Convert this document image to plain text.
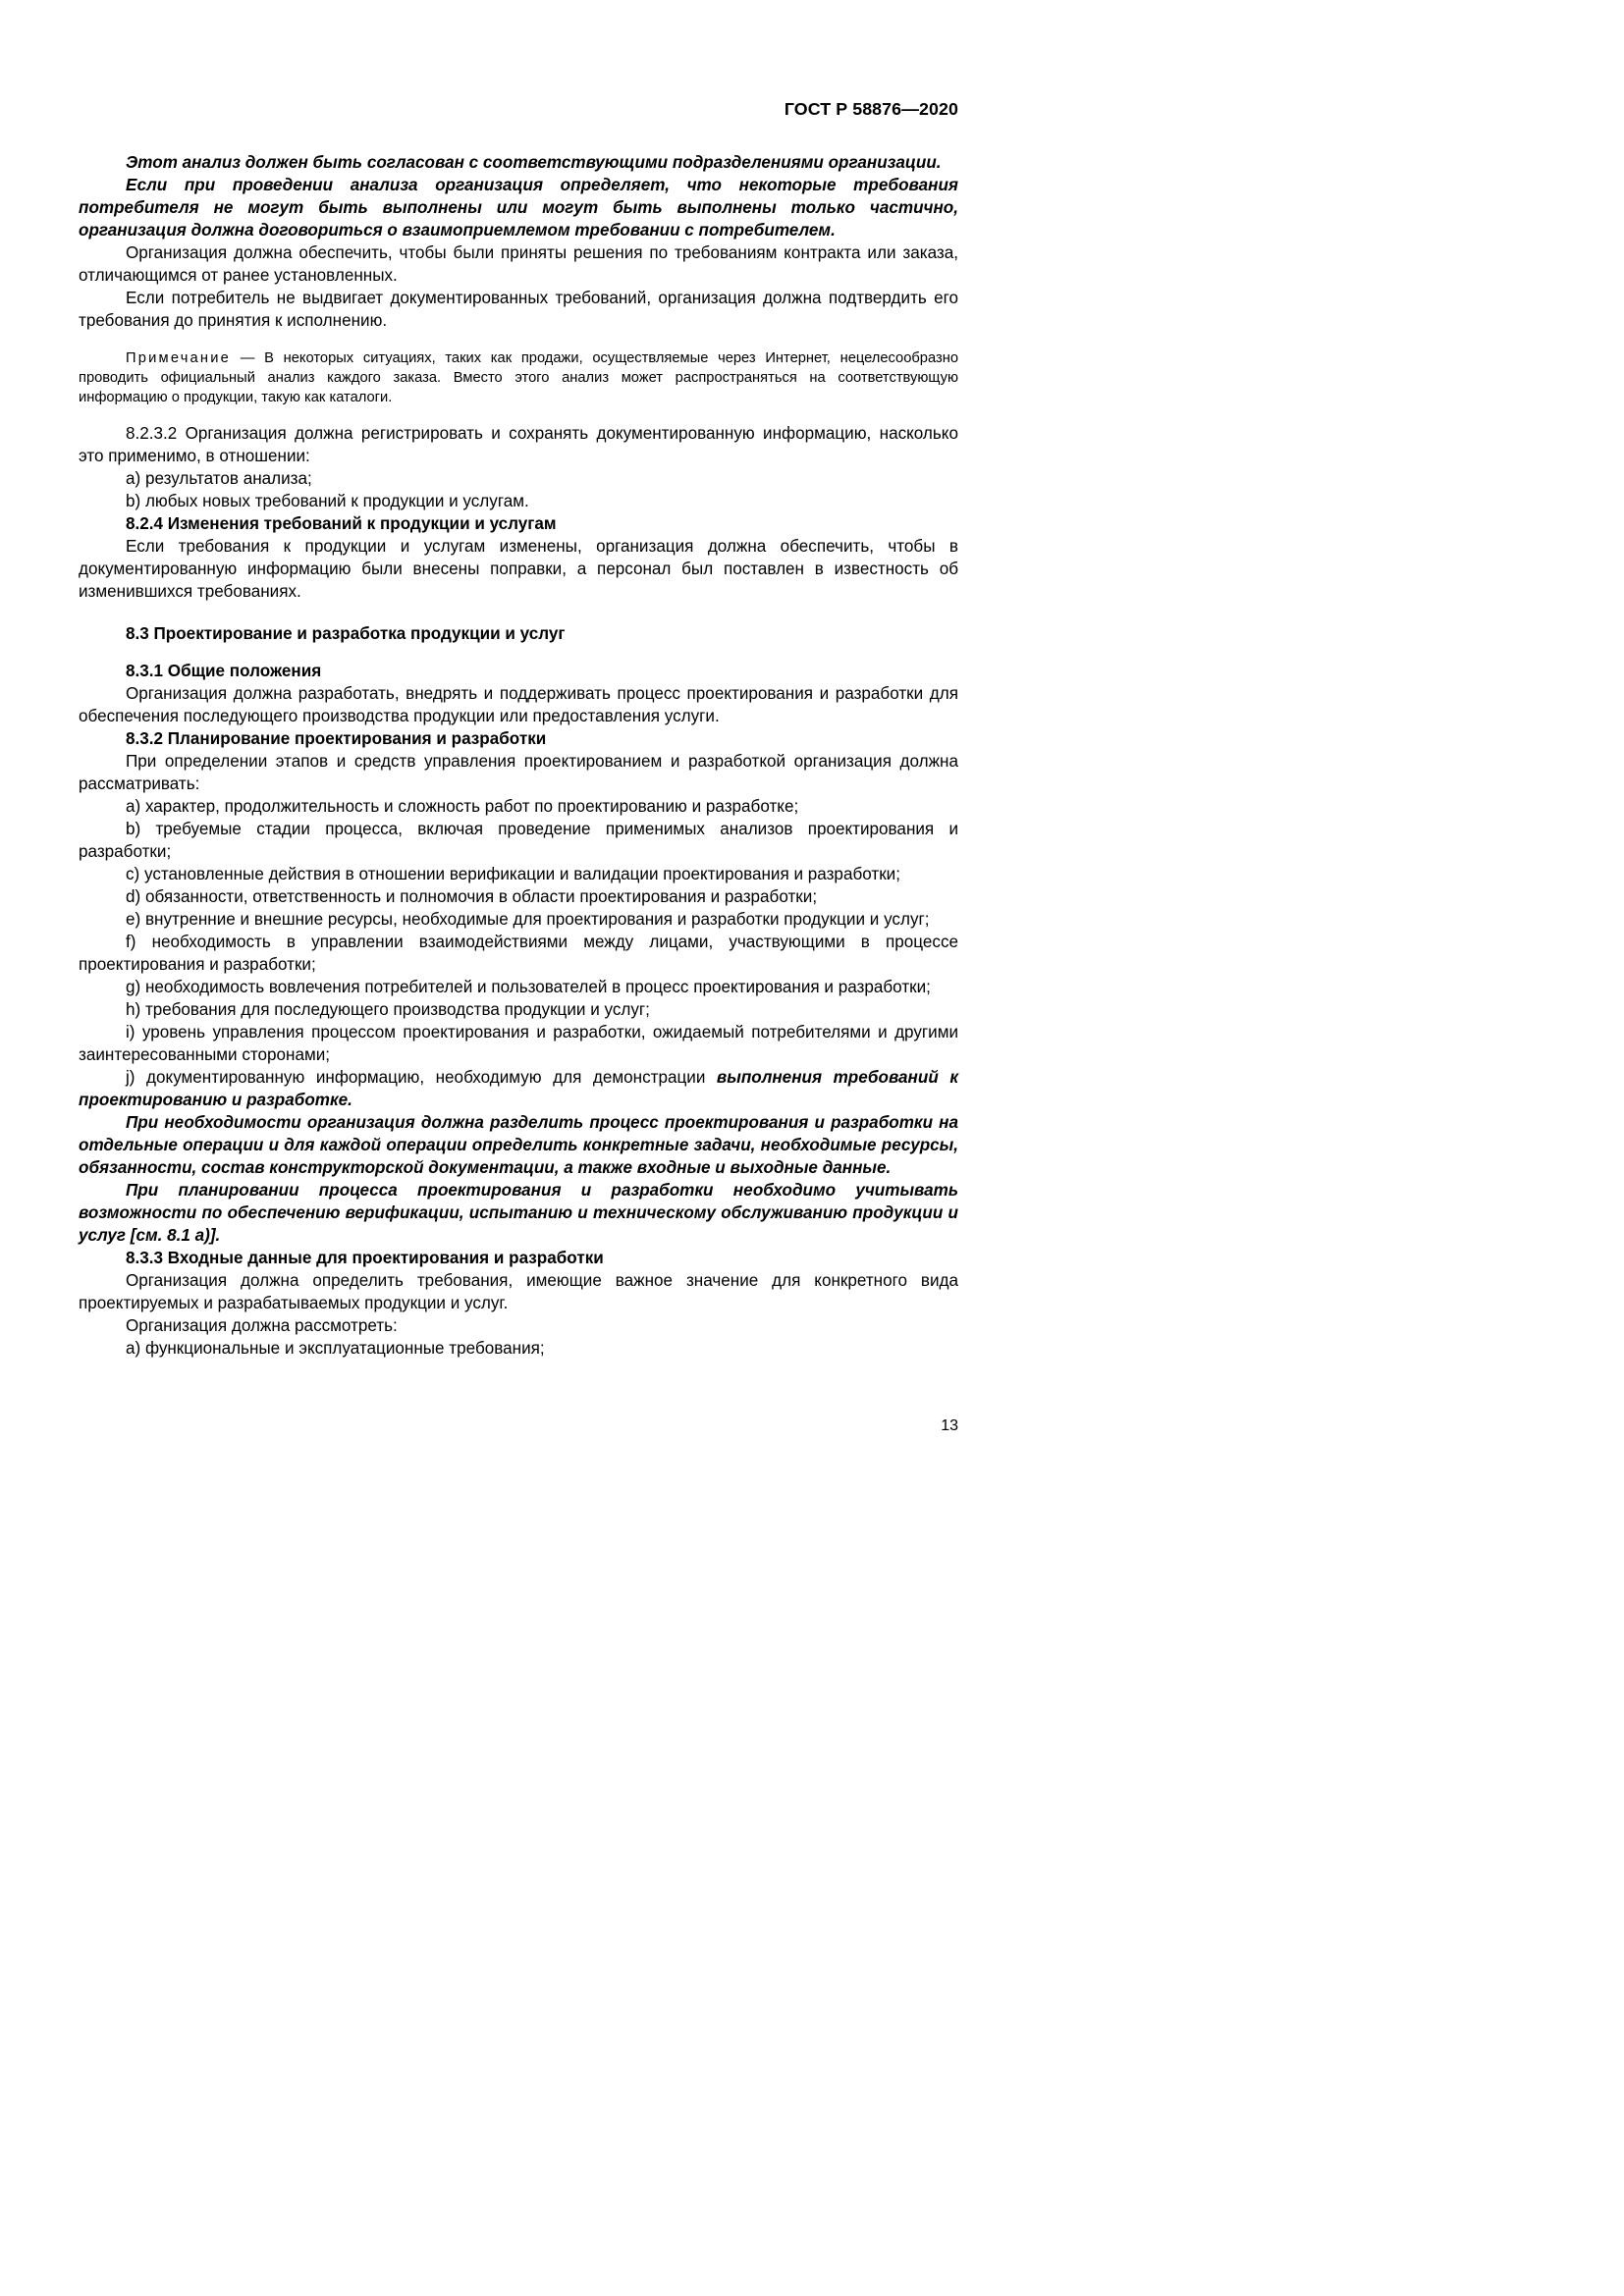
ГОСТ Р 58876—2020

Этот анализ должен быть согласован с соответствующими подразделениями организации.

Если при проведении анализа организация определяет, что некоторые требования потребителя не могут быть выполнены или могут быть выполнены только частично, организация должна договориться о взаимоприемлемом требовании с потребителем.

Организация должна обеспечить, чтобы были приняты решения по требованиям контракта или заказа, отличающимся от ранее установленных.

Если потребитель не выдвигает документированных требований, организация должна подтвердить его требования до принятия к исполнению.

Примечание — В некоторых ситуациях, таких как продажи, осуществляемые через Интернет, нецелесообразно проводить официальный анализ каждого заказа. Вместо этого анализ может распространяться на соответствующую информацию о продукции, такую как каталоги.

8.2.3.2 Организация должна регистрировать и сохранять документированную информацию, насколько это применимо, в отношении:

a) результатов анализа;

b) любых новых требований к продукции и услугам.

8.2.4 Изменения требований к продукции и услугам

Если требования к продукции и услугам изменены, организация должна обеспечить, чтобы в документированную информацию были внесены поправки, а персонал был поставлен в известность об изменившихся требованиях.

8.3 Проектирование и разработка продукции и услуг

8.3.1 Общие положения

Организация должна разработать, внедрять и поддерживать процесс проектирования и разработки для обеспечения последующего производства продукции или предоставления услуги.

8.3.2 Планирование проектирования и разработки

При определении этапов и средств управления проектированием и разработкой организация должна рассматривать:

a) характер, продолжительность и сложность работ по проектированию и разработке;

b) требуемые стадии процесса, включая проведение применимых анализов проектирования и разработки;

c) установленные действия в отношении верификации и валидации проектирования и разработки;

d) обязанности, ответственность и полномочия в области проектирования и разработки;

e) внутренние и внешние ресурсы, необходимые для проектирования и разработки продукции и услуг;

f) необходимость в управлении взаимодействиями между лицами, участвующими в процессе проектирования и разработки;

g) необходимость вовлечения потребителей и пользователей в процесс проектирования и разработки;

h) требования для последующего производства продукции и услуг;

i) уровень управления процессом проектирования и разработки, ожидаемый потребителями и другими заинтересованными сторонами;

j) документированную информацию, необходимую для демонстрации выполнения требований к проектированию и разработке.

При необходимости организация должна разделить процесс проектирования и разработки на отдельные операции и для каждой операции определить конкретные задачи, необходимые ресурсы, обязанности, состав конструкторской документации, а также входные и выходные данные.

При планировании процесса проектирования и разработки необходимо учитывать возможности по обеспечению верификации, испытанию и техническому обслуживанию продукции и услуг [см. 8.1 а)].

8.3.3 Входные данные для проектирования и разработки

Организация должна определить требования, имеющие важное значение для конкретного вида проектируемых и разрабатываемых продукции и услуг.

Организация должна рассмотреть:

а) функциональные и эксплуатационные требования;

13
